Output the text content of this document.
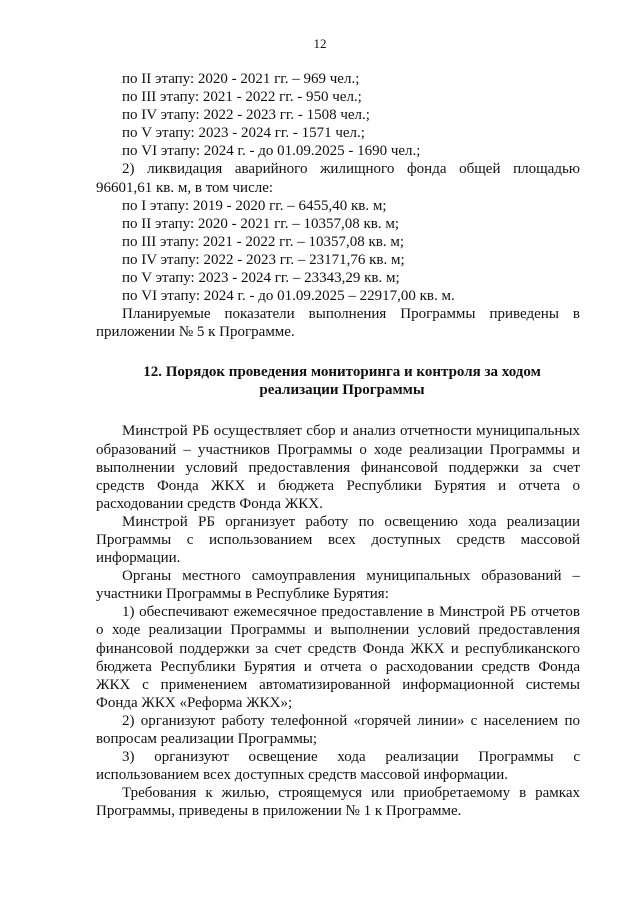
12

по II этапу: 2020 - 2021 гг. – 969 чел.;

по III этапу: 2021 - 2022 гг. - 950 чел.;

по IV этапу: 2022 - 2023 гг. - 1508 чел.;

по V этапу: 2023 - 2024 гг. - 1571 чел.;

по VI этапу: 2024 г. - до 01.09.2025 - 1690 чел.;

2) ликвидация аварийного жилищного фонда общей площадью 96601,61 кв. м, в том числе:

по I этапу: 2019 - 2020 гг. – 6455,40 кв. м;

по II этапу: 2020 - 2021 гг. – 10357,08 кв. м;

по III этапу: 2021 - 2022 гг. – 10357,08 кв. м;

по IV этапу: 2022 - 2023 гг. – 23171,76 кв. м;

по V этапу: 2023 - 2024 гг. – 23343,29 кв. м;

по VI этапу: 2024 г. - до 01.09.2025 – 22917,00 кв. м.

Планируемые показатели выполнения Программы приведены в приложении № 5 к Программе.

12. Порядок проведения мониторинга и контроля за ходом
реализации Программы

Минстрой РБ осуществляет сбор и анализ отчетности муниципальных образований – участников Программы о ходе реализации Программы и выполнении условий предоставления финансовой поддержки за счет средств Фонда ЖКХ и бюджета Республики Бурятия и отчета о расходовании средств Фонда ЖКХ.

Минстрой РБ организует работу по освещению хода реализации Программы с использованием всех доступных средств массовой информации.

Органы местного самоуправления муниципальных образований – участники Программы в Республике Бурятия:

1) обеспечивают ежемесячное предоставление в Минстрой РБ отчетов о ходе реализации Программы и выполнении условий предоставления финансовой поддержки за счет средств Фонда ЖКХ и республиканского бюджета Республики Бурятия и отчета о расходовании средств Фонда ЖКХ с применением автоматизированной информационной системы Фонда ЖКХ «Реформа ЖКХ»;

2) организуют работу телефонной «горячей линии» с населением по вопросам реализации Программы;

3) организуют освещение хода реализации Программы с использованием всех доступных средств массовой информации.

Требования к жилью, строящемуся или приобретаемому в рамках Программы, приведены в приложении № 1 к Программе.
